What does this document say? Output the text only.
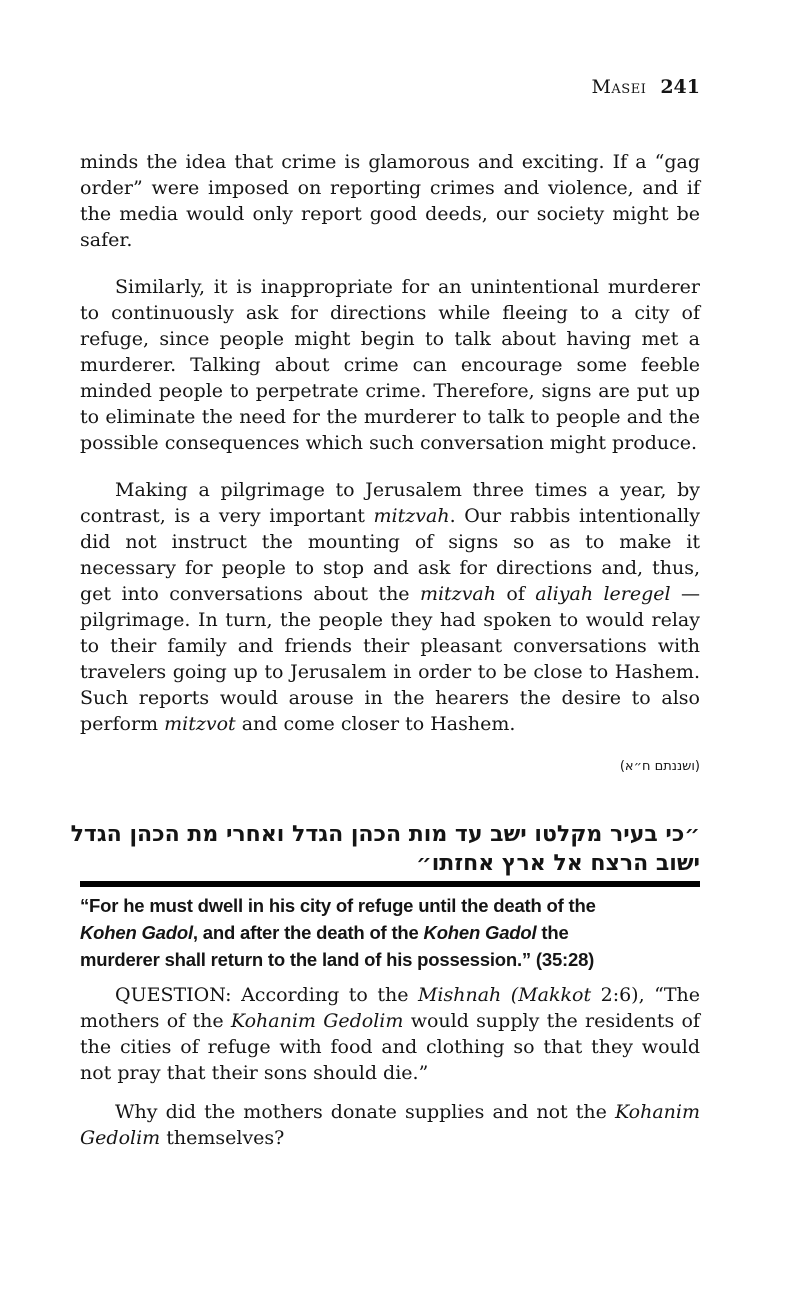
Masei 241

minds the idea that crime is glamorous and exciting. If a “gag order” were imposed on reporting crimes and violence, and if the media would only report good deeds, our society might be safer.

Similarly, it is inappropriate for an unintentional murderer to continuously ask for directions while fleeing to a city of refuge, since people might begin to talk about having met a murderer. Talking about crime can encourage some feeble minded people to perpetrate crime. Therefore, signs are put up to eliminate the need for the murderer to talk to people and the possible consequences which such conversation might produce.

Making a pilgrimage to Jerusalem three times a year, by contrast, is a very important mitzvah. Our rabbis intentionally did not instruct the mounting of signs so as to make it necessary for people to stop and ask for directions and, thus, get into conversations about the mitzvah of aliyah leregel — pilgrimage. In turn, the people they had spoken to would relay to their family and friends their pleasant conversations with travelers going up to Jerusalem in order to be close to Hashem. Such reports would arouse in the hearers the desire to also perform mitzvot and come closer to Hashem.

(ושננתם ח״א)
״כי בעיר מקלטו ישב עד מות הכהן הגדל ואחרי מת הכהן הגדל
ישוב הרצח אל ארץ אחזתו״
“For he must dwell in his city of refuge until the death of the
Kohen Gadol, and after the death of the Kohen Gadol the
murderer shall return to the land of his possession.” (35:28)

QUESTION: According to the Mishnah (Makkot 2:6), “The mothers of the Kohanim Gedolim would supply the residents of the cities of refuge with food and clothing so that they would not pray that their sons should die.”

Why did the mothers donate supplies and not the Kohanim Gedolim themselves?
